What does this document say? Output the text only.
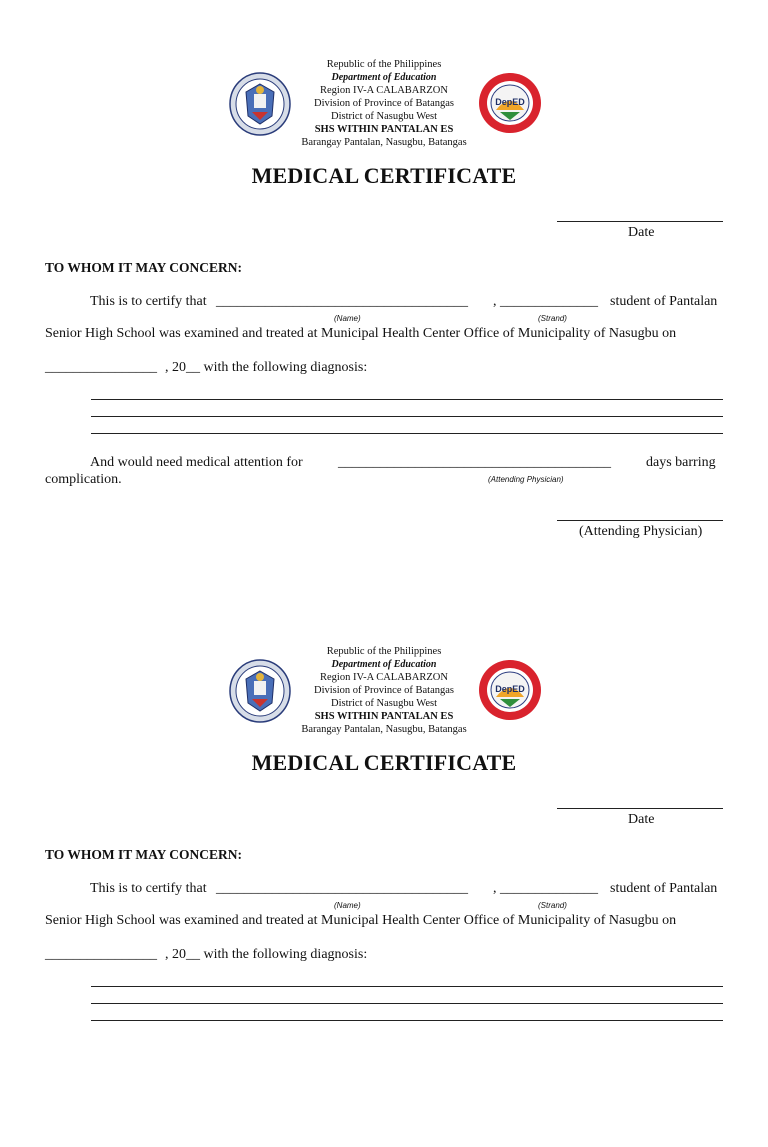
Republic of the Philippines
Department of Education
Region IV-A CALABARZON
Division of Province of Batangas
District of Nasugbu West
SHS WITHIN PANTALAN ES
Barangay Pantalan, Nasugbu, Batangas
DepED
MEDICAL CERTIFICATE
Date
TO WHOM IT MAY CONCERN:
This is to certify that ____________________________________ , ______________ student of Pantalan
(Name)	(Strand)
Senior High School was examined and treated at Municipal Health Center Office of Municipality of Nasugbu on
________________ , 20__ with the following diagnosis:
And would need medical attention for	_______________________________________	days barring
(Attending Physician)
complication.
(Attending Physician)
Republic of the Philippines
Department of Education
Region IV-A CALABARZON
Division of Province of Batangas
District of Nasugbu West
SHS WITHIN PANTALAN ES
Barangay Pantalan, Nasugbu, Batangas
DepED
MEDICAL CERTIFICATE
Date
TO WHOM IT MAY CONCERN:
This is to certify that ____________________________________ , ______________ student of Pantalan
(Name)	(Strand)
Senior High School was examined and treated at Municipal Health Center Office of Municipality of Nasugbu on
________________ , 20__ with the following diagnosis:
